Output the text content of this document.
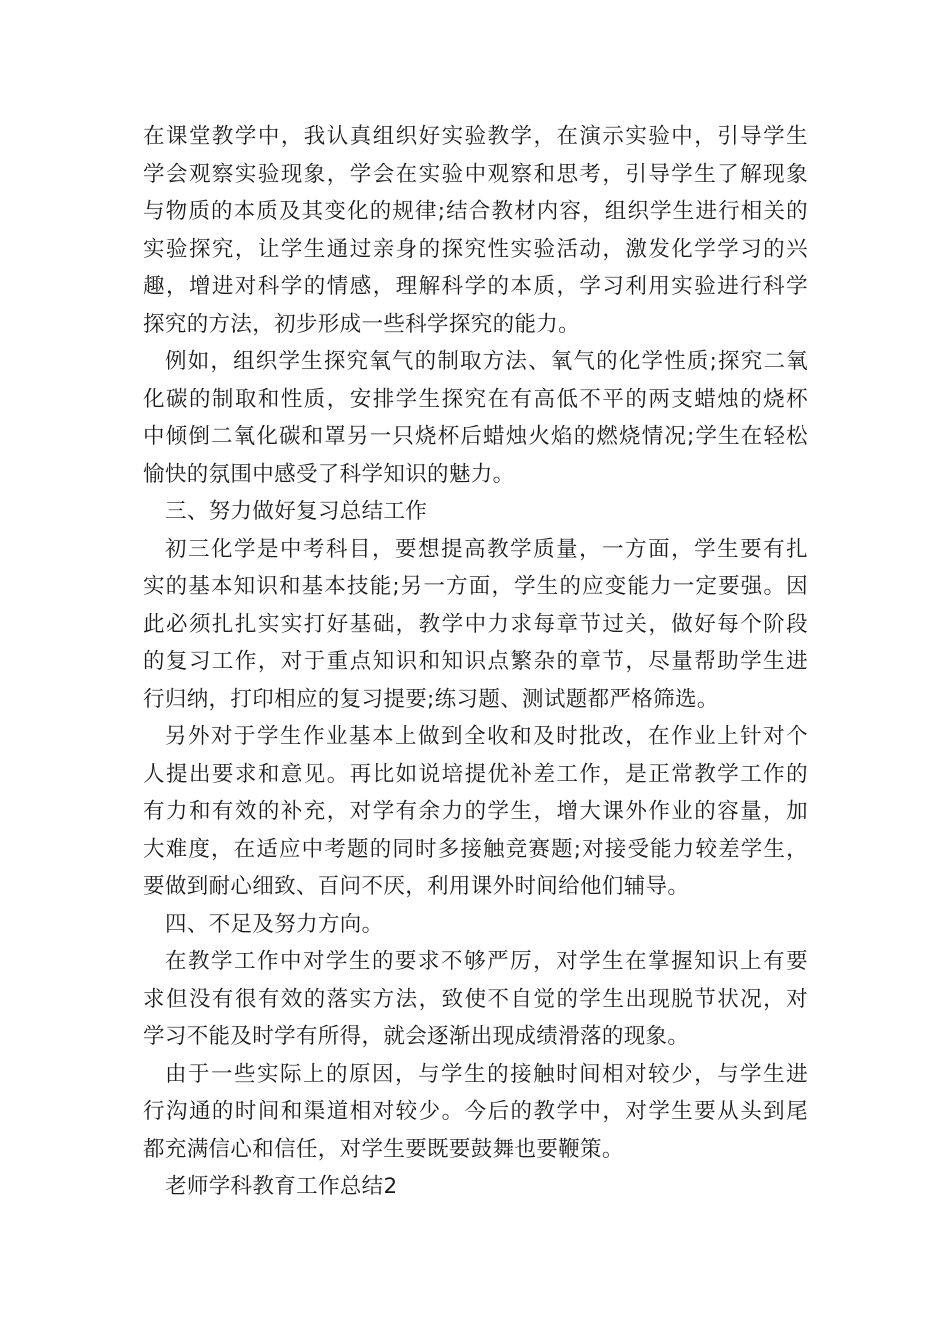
在课堂教学中，我认真组织好实验教学，在演示实验中，引导学生
学会观察实验现象，学会在实验中观察和思考，引导学生了解现象
与物质的本质及其变化的规律;结合教材内容，组织学生进行相关的
实验探究，让学生通过亲身的探究性实验活动，激发化学学习的兴
趣，增进对科学的情感，理解科学的本质，学习利用实验进行科学
探究的方法，初步形成一些科学探究的能力。
例如，组织学生探究氧气的制取方法、氧气的化学性质;探究二氧
化碳的制取和性质，安排学生探究在有高低不平的两支蜡烛的烧杯
中倾倒二氧化碳和罩另一只烧杯后蜡烛火焰的燃烧情况;学生在轻松
愉快的氛围中感受了科学知识的魅力。
三、努力做好复习总结工作
初三化学是中考科目，要想提高教学质量，一方面，学生要有扎
实的基本知识和基本技能;另一方面，学生的应变能力一定要强。因
此必须扎扎实实打好基础，教学中力求每章节过关，做好每个阶段
的复习工作，对于重点知识和知识点繁杂的章节，尽量帮助学生进
行归纳，打印相应的复习提要;练习题、测试题都严格筛选。
另外对于学生作业基本上做到全收和及时批改，在作业上针对个
人提出要求和意见。再比如说培提优补差工作，是正常教学工作的
有力和有效的补充，对学有余力的学生，增大课外作业的容量，加
大难度，在适应中考题的同时多接触竞赛题;对接受能力较差学生，
要做到耐心细致、百问不厌，利用课外时间给他们辅导。
四、不足及努力方向。
在教学工作中对学生的要求不够严厉，对学生在掌握知识上有要
求但没有很有效的落实方法，致使不自觉的学生出现脱节状况，对
学习不能及时学有所得，就会逐渐出现成绩滑落的现象。
由于一些实际上的原因，与学生的接触时间相对较少，与学生进
行沟通的时间和渠道相对较少。今后的教学中，对学生要从头到尾
都充满信心和信任，对学生要既要鼓舞也要鞭策。
老师学科教育工作总结2
